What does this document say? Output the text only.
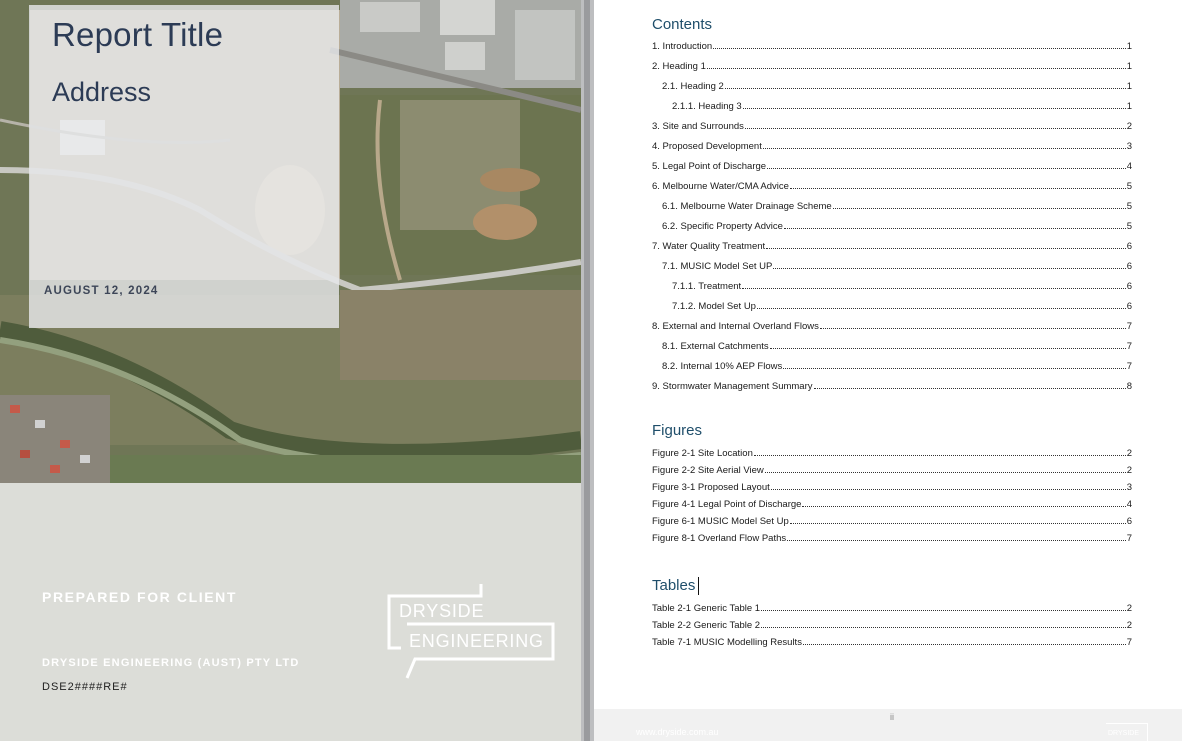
Report Title
Address
AUGUST 12, 2024
PREPARED FOR CLIENT
DRYSIDE ENGINEERING (AUST) PTY LTD
DSE2####RE#
DRYSIDE
ENGINEERING
Contents
1. Introduction	1
2. Heading 1	1
2.1. Heading 2	1
2.1.1. Heading 3	1
3. Site and Surrounds	2
4. Proposed Development	3
5. Legal Point of Discharge	4
6. Melbourne Water/CMA Advice	5
6.1. Melbourne Water Drainage Scheme	5
6.2. Specific Property Advice	5
7. Water Quality Treatment	6
7.1. MUSIC Model Set UP	6
7.1.1. Treatment	6
7.1.2. Model Set Up	6
8. External and Internal Overland Flows	7
8.1. External Catchments	7
8.2. Internal 10% AEP Flows	7
9. Stormwater Management Summary	8
Figures
Figure 2-1 Site Location	2
Figure 2-2 Site Aerial View	2
Figure 3-1 Proposed Layout	3
Figure 4-1 Legal Point of Discharge	4
Figure 6-1 MUSIC Model Set Up	6
Figure 8-1 Overland Flow Paths	7
Tables
Table 2-1 Generic Table 1	2
Table 2-2 Generic Table 2	2
Table 7-1 MUSIC Modelling Results	7
ii
www.dryside.com.au	DRYSIDE
